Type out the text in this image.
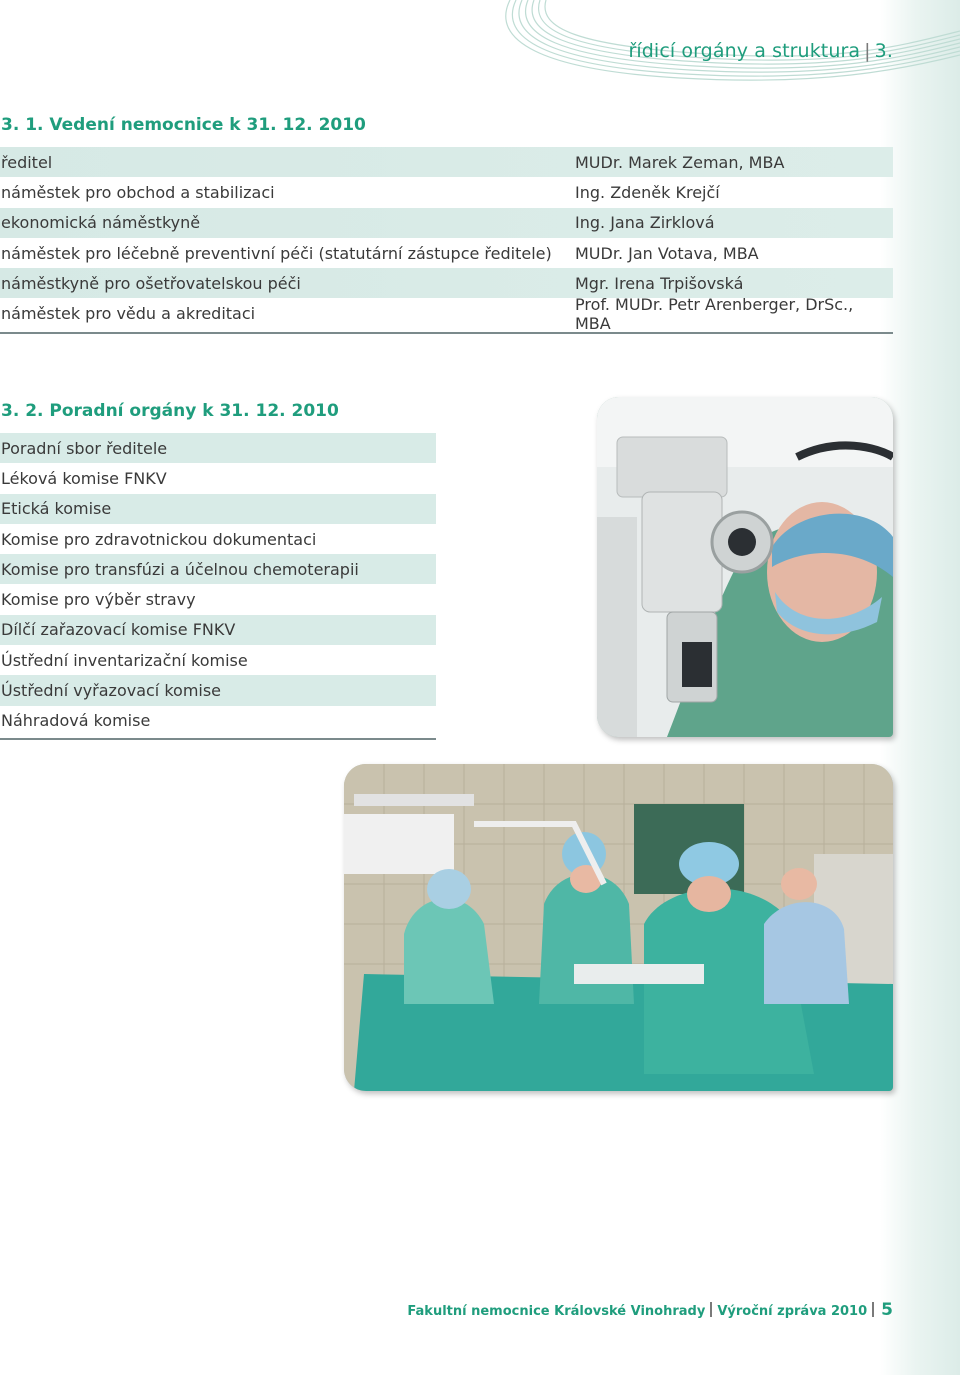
řídicí orgány a struktura | 3.
3. 1. Vedení nemocnice k 31. 12. 2010
ředitel	MUDr. Marek Zeman, MBA
náměstek pro obchod a stabilizaci	Ing. Zdeněk Krejčí
ekonomická náměstkyně	Ing. Jana Zirklová
náměstek pro léčebně preventivní péči (statutární zástupce ředitele)	MUDr. Jan Votava, MBA
náměstkyně pro ošetřovatelskou péči	Mgr. Irena Trpišovská
náměstek pro vědu a akreditaci	Prof. MUDr. Petr Arenberger, DrSc., MBA
3. 2. Poradní orgány k 31. 12. 2010
Poradní sbor ředitele
Léková komise FNKV
Etická komise
Komise pro zdravotnickou dokumentaci
Komise pro transfúzi a účelnou chemoterapii
Komise pro výběr stravy
Dílčí zařazovací komise FNKV
Ústřední inventarizační komise
Ústřední vyřazovací komise
Náhradová komise
Fakultní nemocnice Královské Vinohrady Výroční zpráva 2010 5
